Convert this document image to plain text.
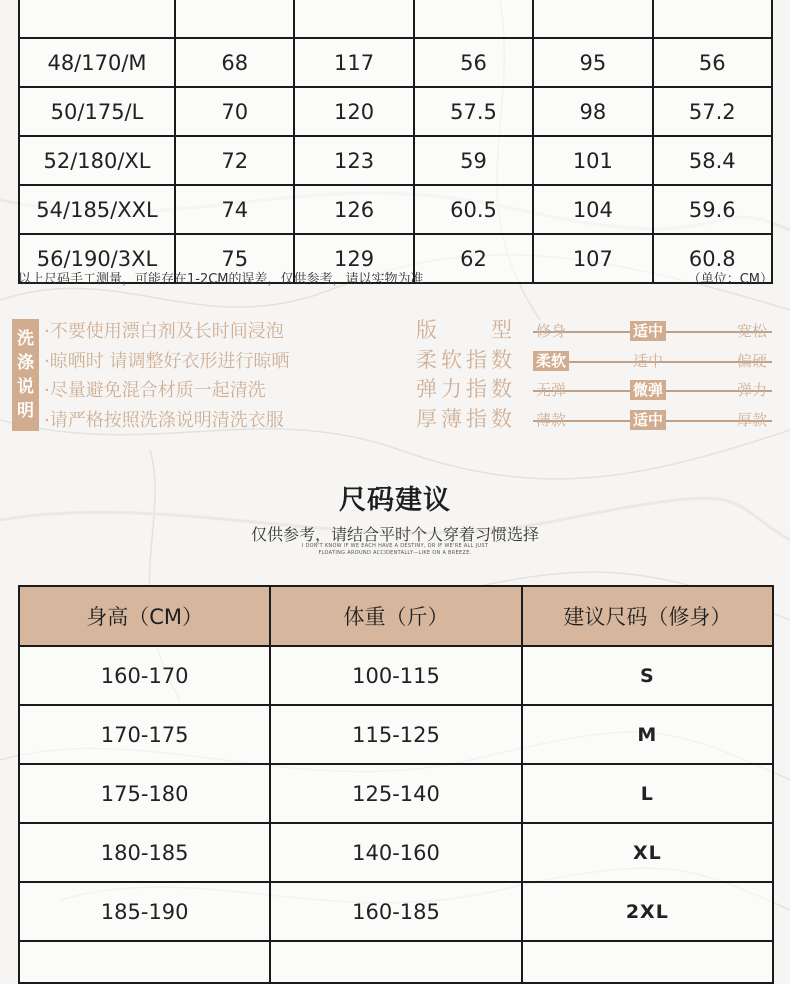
48/170/M	68	117	56	95	56
50/175/L	70	120	57.5	98	57.2
52/180/XL	72	123	59	101	58.4
54/185/XXL	74	126	60.5	104	59.6
56/190/3XL	75	129	62	107	60.8
以上尺码手工测量，可能存在1-2CM的误差，仅供参考，请以实物为准	（单位：CM）
洗
涤
说
明
·不要使用漂白剂及长时间浸泡
·晾晒时 请调整好衣形进行晾晒
·尽量避免混合材质一起清洗
·请严格按照洗涤说明清洗衣服
版	型 修身	适中	宽松
柔 软 指 数 柔软	适中	偏硬
弹 力 指 数 无弹	微弹	弹力
厚 薄 指 数 薄款	适中	厚款
尺码建议
仅供参考，请结合平时个人穿着习惯选择
I DON'T KNOW IF WE EACH HAVE A DESTINY, OR IF WE'RE ALL JUST
FLOATING AROUND ACCIDENTALLY—LIKE ON A BREEZE.
身高（CM）	体重（斤）	建议尺码（修身）
160-170	100-115	S
170-175	115-125	M
175-180	125-140	L
180-185	140-160	XL
185-190	160-185	2XL
